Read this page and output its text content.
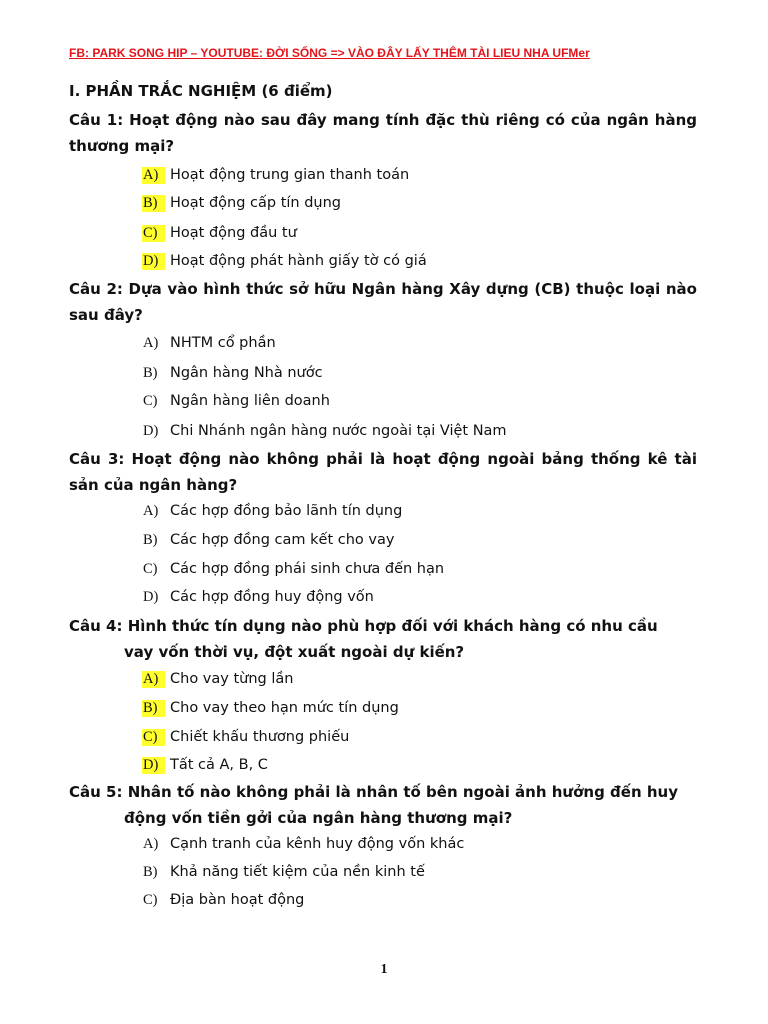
FB: PARK SONG HIP – YOUTUBE: ĐỜI SỐNG => VÀO ĐÂY LẤY THÊM TÀI LIEU NHA UFMer
I. PHẦN TRẮC NGHIỆM (6 điểm)
Câu 1: Hoạt động nào sau đây mang tính đặc thù riêng có của ngân hàng thương mại?
A) Hoạt động trung gian thanh toán
B) Hoạt động cấp tín dụng
C) Hoạt động đầu tư
D) Hoạt động phát hành giấy tờ có giá
Câu 2: Dựa vào hình thức sở hữu Ngân hàng Xây dựng (CB) thuộc loại nào sau đây?
A) NHTM cổ phần
B) Ngân hàng Nhà nước
C) Ngân hàng liên doanh
D) Chi Nhánh ngân hàng nước ngoài tại Việt Nam
Câu 3: Hoạt động nào không phải là hoạt động ngoài bảng thống kê tài sản của ngân hàng?
A) Các hợp đồng bảo lãnh tín dụng
B) Các hợp đồng cam kết cho vay
C) Các hợp đồng phái sinh chưa đến hạn
D) Các hợp đồng huy động vốn
Câu 4: Hình thức tín dụng nào phù hợp đối với khách hàng có nhu cầu
vay vốn thời vụ, đột xuất ngoài dự kiến?
A) Cho vay từng lần
B) Cho vay theo hạn mức tín dụng
C) Chiết khấu thương phiếu
D) Tất cả A, B, C
Câu 5: Nhân tố nào không phải là nhân tố bên ngoài ảnh hưởng đến huy
động vốn tiền gởi của ngân hàng thương mại?
A) Cạnh tranh của kênh huy động vốn khác
B) Khả năng tiết kiệm của nền kinh tế
C) Địa bàn hoạt động
1
